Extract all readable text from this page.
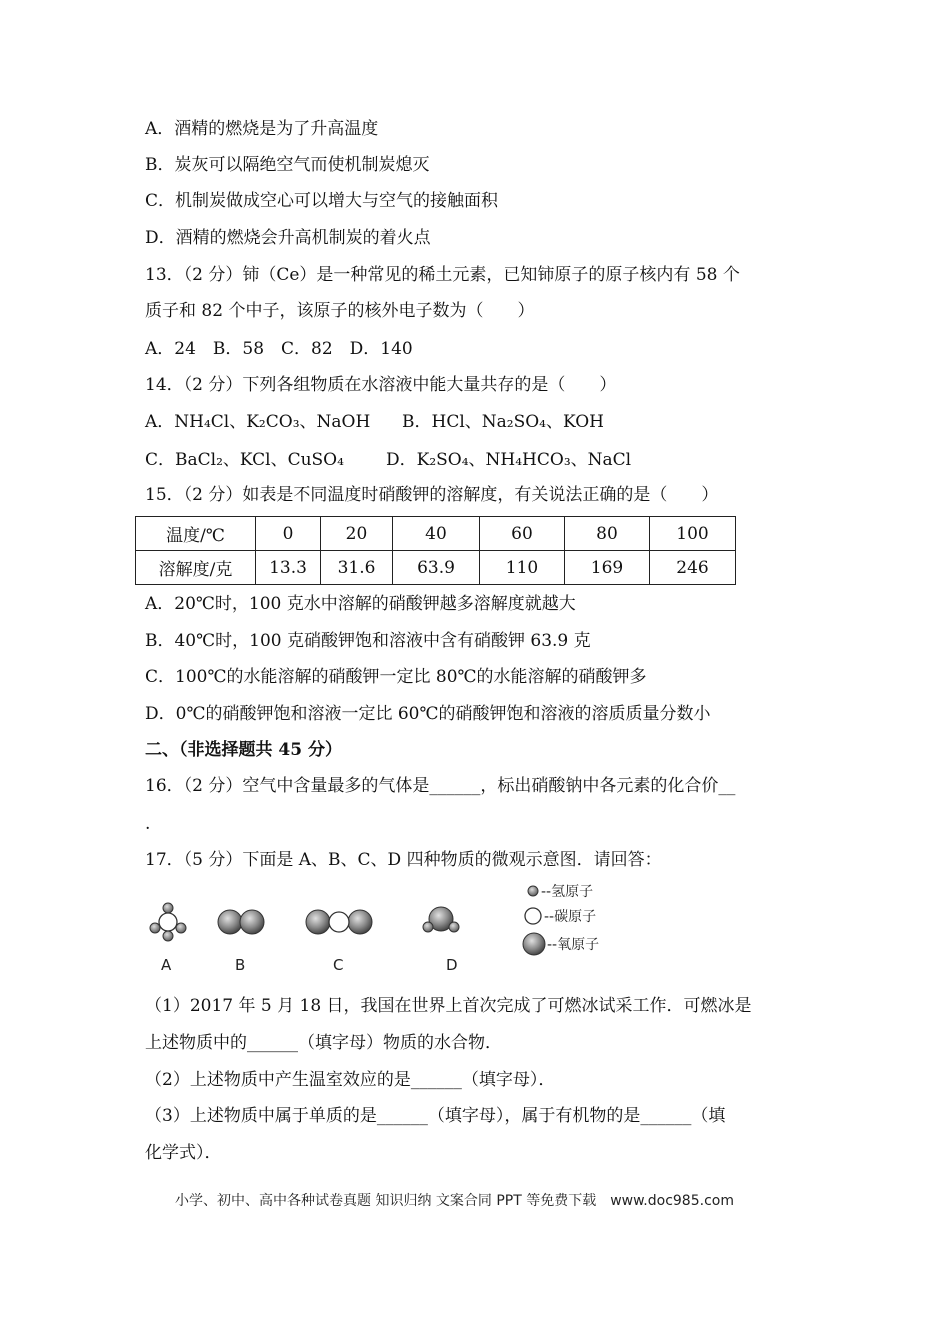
A．酒精的燃烧是为了升高温度
B．炭灰可以隔绝空气而使机制炭熄灭
C．机制炭做成空心可以增大与空气的接触面积
D．酒精的燃烧会升高机制炭的着火点
13．（2 分）铈（Ce）是一种常见的稀土元素，已知铈原子的原子核内有 58 个
质子和 82 个中子，该原子的核外电子数为（　　）
A．24　B．58　C．82　D．140
14．（2 分）下列各组物质在水溶液中能大量共存的是（　　）
A．NH₄Cl、K₂CO₃、NaOH B．HCl、Na₂SO₄、KOH
C．BaCl₂、KCl、CuSO₄ D．K₂SO₄、NH₄HCO₃、NaCl
15．（2 分）如表是不同温度时硝酸钾的溶解度，有关说法正确的是（　　）
温度/℃	0	20	40	60	80	100
溶解度/克	13.3	31.6	63.9	110	169	246
A．20℃时，100 克水中溶解的硝酸钾越多溶解度就越大
B．40℃时，100 克硝酸钾饱和溶液中含有硝酸钾 63.9 克
C．100℃的水能溶解的硝酸钾一定比 80℃的水能溶解的硝酸钾多
D．0℃的硝酸钾饱和溶液一定比 60℃的硝酸钾饱和溶液的溶质质量分数小
二、（非选择题共 45 分）
16．（2 分）空气中含量最多的气体是______，标出硝酸钠中各元素的化合价__
.
17．（5 分）下面是 A、B、C、D 四种物质的微观示意图．请回答：
A	B	C	D
--氢原子
--碳原子
--氧原子
（1）2017 年 5 月 18 日，我国在世界上首次完成了可燃冰试采工作．可燃冰是
上述物质中的______（填字母）物质的水合物．
（2）上述物质中产生温室效应的是______（填字母）．
（3）上述物质中属于单质的是______（填字母），属于有机物的是______（填
化学式）．
小学、初中、高中各种试卷真题 知识归纳 文案合同 PPT 等免费下载　www.doc985.com
